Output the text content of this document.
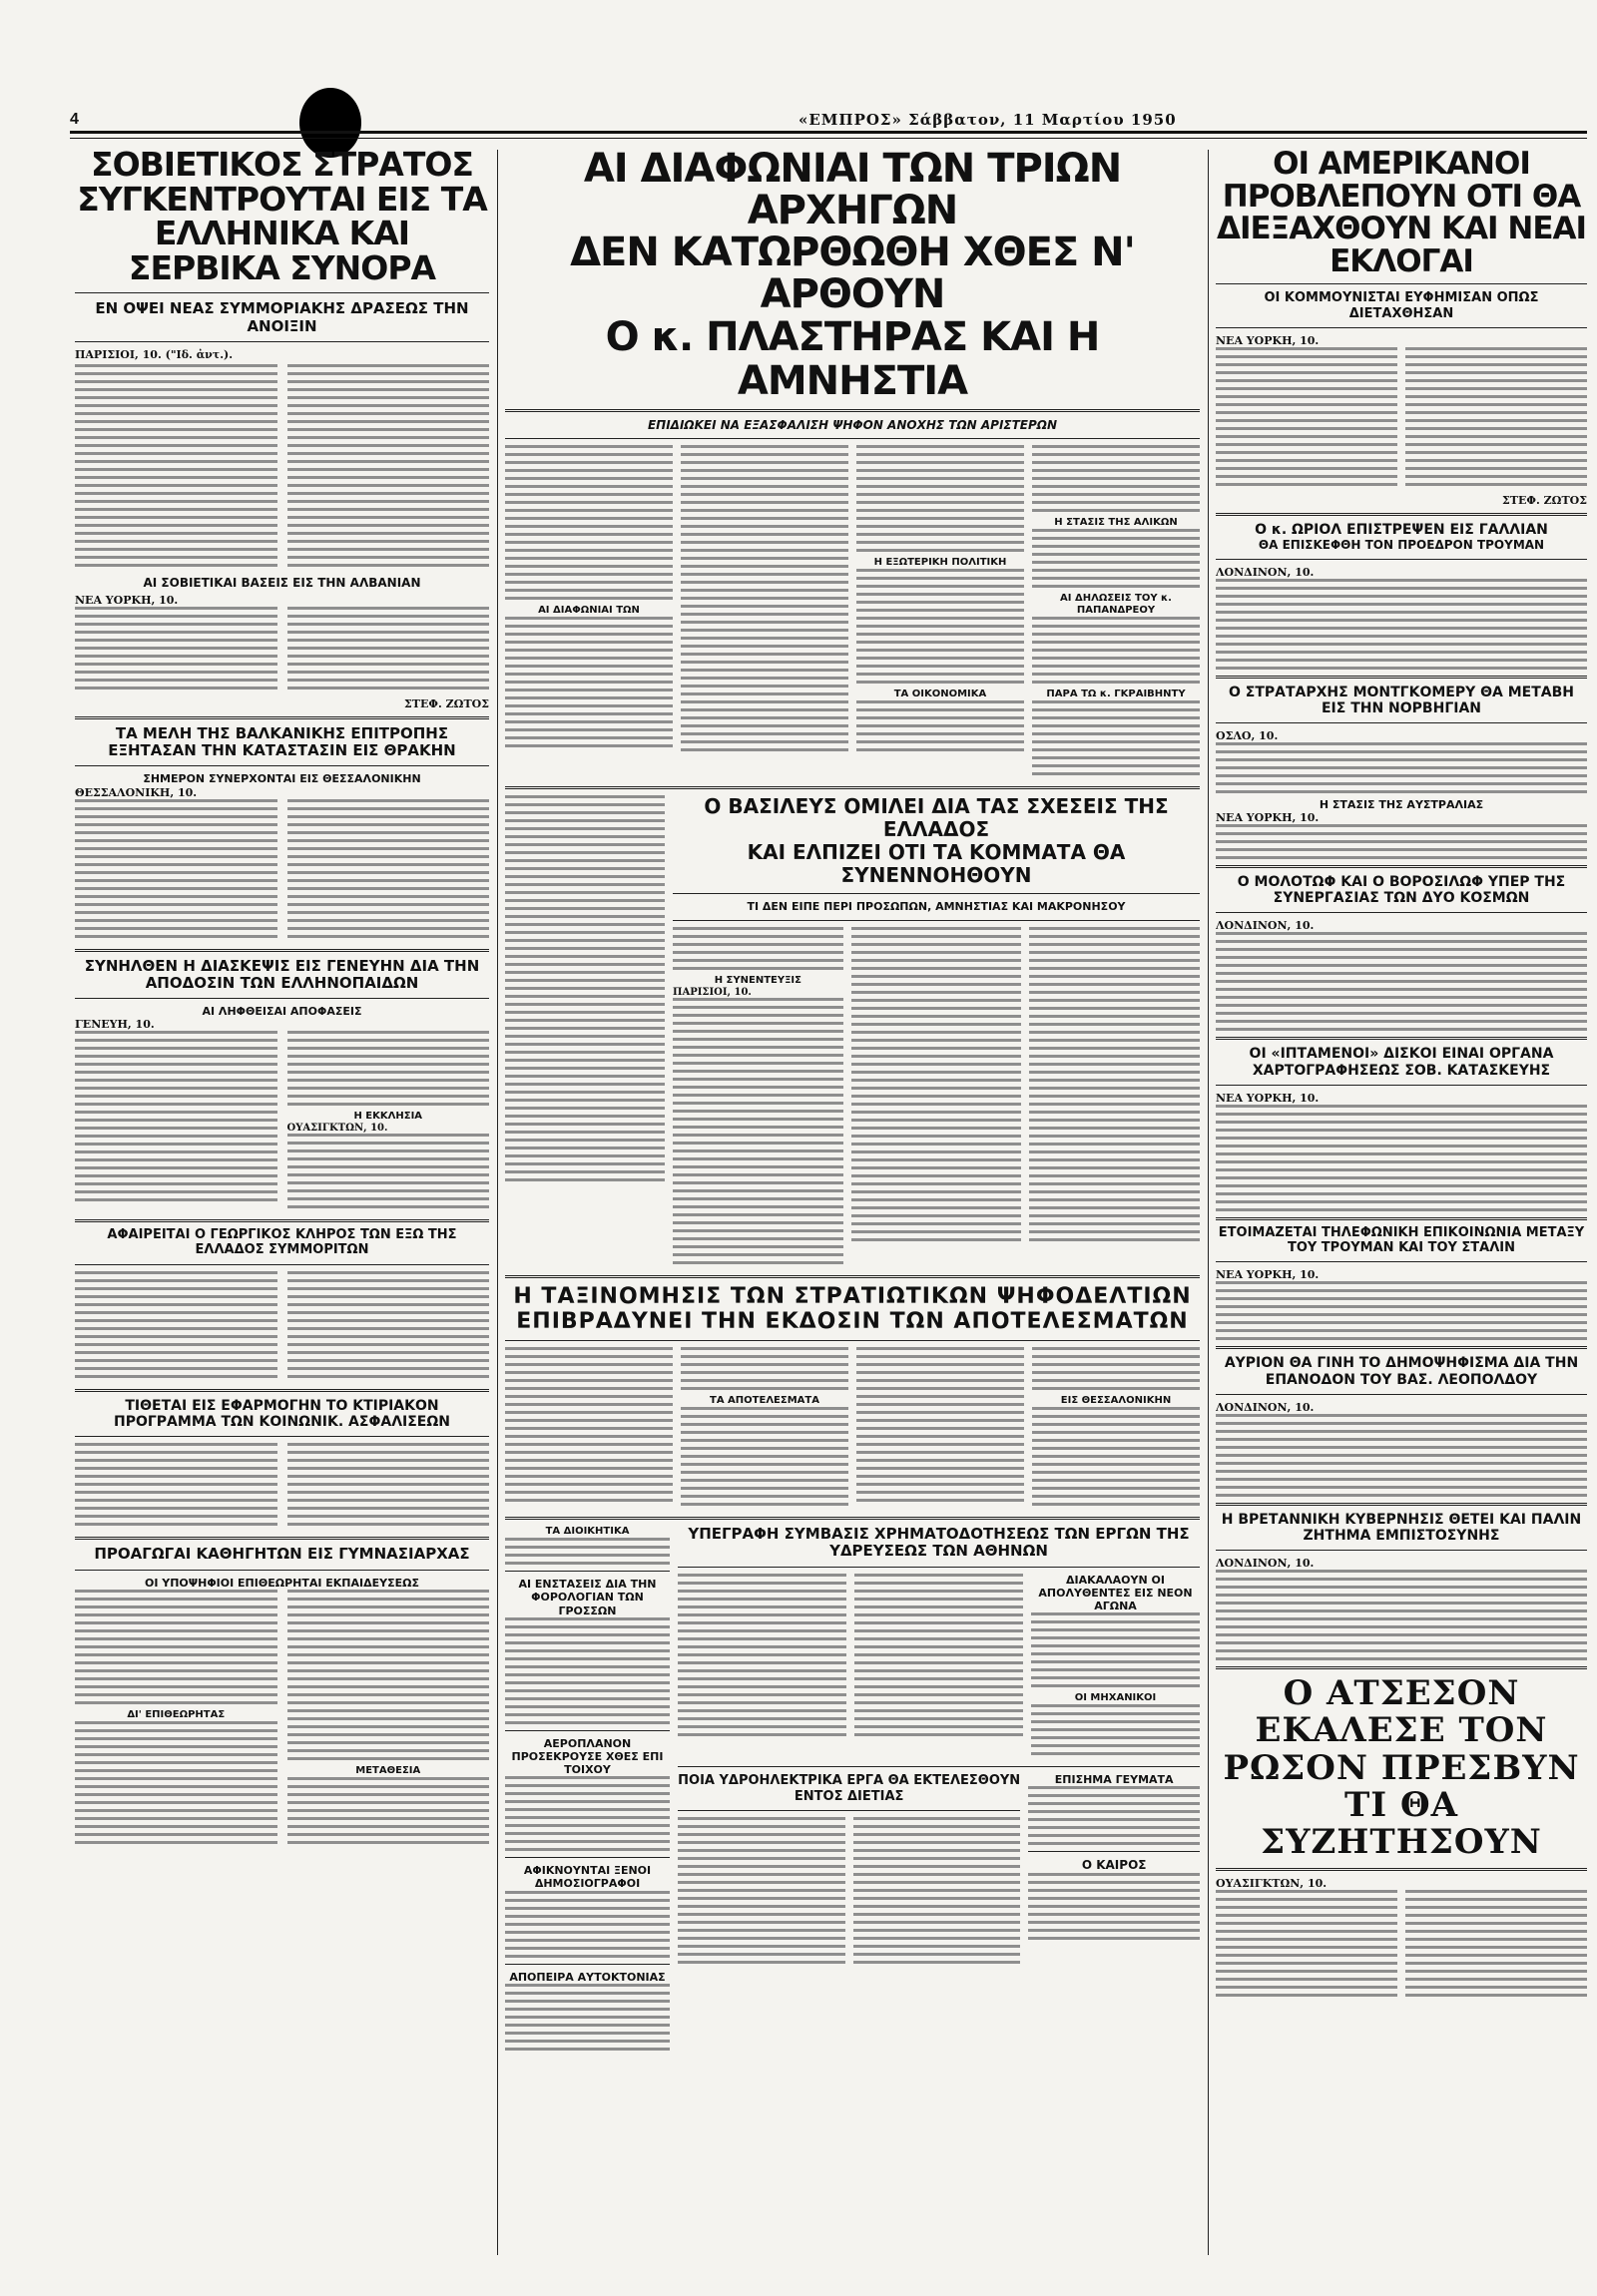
4	«ΕΜΠΡΟΣ» Σάββατον, 11 Μαρτίου 1950
ΣΟΒΙΕΤΙΚΟΣ ΣΤΡΑΤΟΣ ΣΥΓΚΕΝΤΡΟΥΤΑΙ ΕΙΣ ΤΑ ΕΛΛΗΝΙΚΑ ΚΑΙ ΣΕΡΒΙΚΑ ΣΥΝΟΡΑ
ΕΝ ΟΨΕΙ ΝΕΑΣ ΣΥΜΜΟΡΙΑΚΗΣ ΔΡΑΣΕΩΣ ΤΗΝ ΑΝΟΙΞΙΝ
ΠΑΡΙΣΙΟΙ, 10. ("Ιδ. ἀντ.).
ΑΙ ΣΟΒΙΕΤΙΚΑΙ ΒΑΣΕΙΣ ΕΙΣ ΤΗΝ ΑΛΒΑΝΙΑΝ
ΝΕΑ ΥΟΡΚΗ, 10.
ΣΤΕΦ. ΖΩΤΟΣ
ΤΑ ΜΕΛΗ ΤΗΣ ΒΑΛΚΑΝΙΚΗΣ ΕΠΙΤΡΟΠΗΣ ΕΞΗΤΑΣΑΝ ΤΗΝ ΚΑΤΑΣΤΑΣΙΝ ΕΙΣ ΘΡΑΚΗΝ
ΣΗΜΕΡΟΝ ΣΥΝΕΡΧΟΝΤΑΙ ΕΙΣ ΘΕΣΣΑΛΟΝΙΚΗΝ
ΘΕΣΣΑΛΟΝΙΚΗ, 10.
ΣΥΝΗΛΘΕΝ Η ΔΙΑΣΚΕΨΙΣ ΕΙΣ ΓΕΝΕΥΗΝ ΔΙΑ ΤΗΝ ΑΠΟΔΟΣΙΝ ΤΩΝ ΕΛΛΗΝΟΠΑΙΔΩΝ
ΑΙ ΛΗΦΘΕΙΣΑΙ ΑΠΟΦΑΣΕΙΣ
ΓΕΝΕΥΗ, 10.
Η ΕΚΚΛΗΣΙΑ
ΟΥΑΣΙΓΚΤΩΝ, 10.
ΑΦΑΙΡΕΙΤΑΙ Ο ΓΕΩΡΓΙΚΟΣ ΚΛΗΡΟΣ ΤΩΝ ΕΞΩ ΤΗΣ ΕΛΛΑΔΟΣ ΣΥΜΜΟΡΙΤΩΝ
ΤΙΘΕΤΑΙ ΕΙΣ ΕΦΑΡΜΟΓΗΝ ΤΟ ΚΤΙΡΙΑΚΟΝ ΠΡΟΓΡΑΜΜΑ ΤΩΝ ΚΟΙΝΩΝΙΚ. ΑΣΦΑΛΙΣΕΩΝ
ΠΡΟΑΓΩΓΑΙ ΚΑΘΗΓΗΤΩΝ ΕΙΣ ΓΥΜΝΑΣΙΑΡΧΑΣ
ΟΙ ΥΠΟΨΗΦΙΟΙ ΕΠΙΘΕΩΡΗΤΑΙ ΕΚΠΑΙΔΕΥΣΕΩΣ
ΔΙ' ΕΠΙΘΕΩΡΗΤΑΣ
ΜΕΤΑΘΕΣΙΑ
ΑΙ ΔΙΑΦΩΝΙΑΙ ΤΩΝ ΤΡΙΩΝ ΑΡΧΗΓΩΝ
ΔΕΝ ΚΑΤΩΡΘΩΘΗ ΧΘΕΣ Ν' ΑΡΘΟΥΝ
Ο κ. ΠΛΑΣΤΗΡΑΣ ΚΑΙ Η ΑΜΝΗΣΤΙΑ
ΕΠΙΔΙΩΚΕΙ ΝΑ ΕΞΑΣΦΑΛΙΣΗ ΨΗΦΟΝ ΑΝΟΧΗΣ ΤΩΝ ΑΡΙΣΤΕΡΩΝ
ΑΙ ΔΙΑΦΩΝΙΑΙ ΤΩΝ
Η ΕΞΩΤΕΡΙΚΗ ΠΟΛΙΤΙΚΗ
ΤΑ ΟΙΚΟΝΟΜΙΚΑ
Η ΣΤΑΣΙΣ ΤΗΣ ΑΛΙΚΩΝ
ΑΙ ΔΗΛΩΣΕΙΣ ΤΟΥ κ. ΠΑΠΑΝΔΡΕΟΥ
ΠΑΡΑ ΤΩ κ. ΓΚΡΑΙΒΗΝΤΥ
Ο ΒΑΣΙΛΕΥΣ ΟΜΙΛΕΙ ΔΙΑ ΤΑΣ ΣΧΕΣΕΙΣ ΤΗΣ ΕΛΛΑΔΟΣ
ΚΑΙ ΕΛΠΙΖΕΙ ΟΤΙ ΤΑ ΚΟΜΜΑΤΑ ΘΑ ΣΥΝΕΝΝΟΗΘΟΥΝ
ΤΙ ΔΕΝ ΕΙΠΕ ΠΕΡΙ ΠΡΟΣΩΠΩΝ, ΑΜΝΗΣΤΙΑΣ ΚΑΙ ΜΑΚΡΟΝΗΣΟΥ
Η ΣΥΝΕΝΤΕΥΞΙΣ
ΠΑΡΙΣΙΟΙ, 10.
Η ΤΑΞΙΝΟΜΗΣΙΣ ΤΩΝ ΣΤΡΑΤΙΩΤΙΚΩΝ ΨΗΦΟΔΕΛΤΙΩΝ
ΕΠΙΒΡΑΔΥΝΕΙ ΤΗΝ ΕΚΔΟΣΙΝ ΤΩΝ ΑΠΟΤΕΛΕΣΜΑΤΩΝ
ΤΑ ΑΠΟΤΕΛΕΣΜΑΤΑ	ΕΙΣ ΘΕΣΣΑΛΟΝΙΚΗΝ
ΤΑ ΔΙΟΙΚΗΤΙΚΑ
ΑΙ ΕΝΣΤΑΣΕΙΣ ΔΙΑ ΤΗΝ ΦΟΡΟΛΟΓΙΑΝ ΤΩΝ ΓΡΟΣΣΩΝ
ΑΕΡΟΠΛΑΝΟΝ ΠΡΟΣΕΚΡΟΥΣΕ ΧΘΕΣ ΕΠΙ ΤΟΙΧΟΥ
ΑΦΙΚΝΟΥΝΤΑΙ ΞΕΝΟΙ ΔΗΜΟΣΙΟΓΡΑΦΟΙ
ΑΠΟΠΕΙΡΑ ΑΥΤΟΚΤΟΝΙΑΣ
ΥΠΕΓΡΑΦΗ ΣΥΜΒΑΣΙΣ ΧΡΗΜΑΤΟΔΟΤΗΣΕΩΣ ΤΩΝ ΕΡΓΩΝ ΤΗΣ ΥΔΡΕΥΣΕΩΣ ΤΩΝ ΑΘΗΝΩΝ
ΔΙΑΚΑΛΑΟΥΝ ΟΙ ΑΠΟΛΥΘΕΝΤΕΣ ΕΙΣ ΝΕΟΝ ΑΓΩΝΑ
ΟΙ ΜΗΧΑΝΙΚΟΙ
ΠΟΙΑ ΥΔΡΟΗΛΕΚΤΡΙΚΑ ΕΡΓΑ ΘΑ ΕΚΤΕΛΕΣΘΟΥΝ ΕΝΤΟΣ ΔΙΕΤΙΑΣ
ΕΠΙΣΗΜΑ ΓΕΥΜΑΤΑ
Ο ΚΑΙΡΟΣ
ΟΙ ΑΜΕΡΙΚΑΝΟΙ ΠΡΟΒΛΕΠΟΥΝ ΟΤΙ ΘΑ ΔΙΕΞΑΧΘΟΥΝ ΚΑΙ ΝΕΑΙ ΕΚΛΟΓΑΙ
ΟΙ ΚΟΜΜΟΥΝΙΣΤΑΙ ΕΥΦΗΜΙΣΑΝ ΟΠΩΣ ΔΙΕΤΑΧΘΗΣΑΝ
ΝΕΑ ΥΟΡΚΗ, 10.
ΣΤΕΦ. ΖΩΤΟΣ
Ο κ. ΩΡΙΟΛ ΕΠΙΣΤΡΕΨΕΝ ΕΙΣ ΓΑΛΛΙΑΝ
ΘΑ ΕΠΙΣΚΕΦΘΗ ΤΟΝ ΠΡΟΕΔΡΟΝ ΤΡΟΥΜΑΝ
ΛΟΝΔΙΝΟΝ, 10.
Ο ΣΤΡΑΤΑΡΧΗΣ ΜΟΝΤΓΚΟΜΕΡΥ ΘΑ ΜΕΤΑΒΗ ΕΙΣ ΤΗΝ ΝΟΡΒΗΓΙΑΝ
ΟΣΛΟ, 10.
Η ΣΤΑΣΙΣ ΤΗΣ ΑΥΣΤΡΑΛΙΑΣ
ΝΕΑ ΥΟΡΚΗ, 10.
Ο ΜΟΛΟΤΩΦ ΚΑΙ Ο ΒΟΡΟΣΙΛΩΦ ΥΠΕΡ ΤΗΣ ΣΥΝΕΡΓΑΣΙΑΣ ΤΩΝ ΔΥΟ ΚΟΣΜΩΝ
ΛΟΝΔΙΝΟΝ, 10.
ΟΙ «ΙΠΤΑΜΕΝΟΙ» ΔΙΣΚΟΙ ΕΙΝΑΙ ΟΡΓΑΝΑ ΧΑΡΤΟΓΡΑΦΗΣΕΩΣ ΣΟΒ. ΚΑΤΑΣΚΕΥΗΣ
ΝΕΑ ΥΟΡΚΗ, 10.
ΕΤΟΙΜΑΖΕΤΑΙ ΤΗΛΕΦΩΝΙΚΗ ΕΠΙΚΟΙΝΩΝΙΑ ΜΕΤΑΞΥ ΤΟΥ ΤΡΟΥΜΑΝ ΚΑΙ ΤΟΥ ΣΤΑΛΙΝ
ΝΕΑ ΥΟΡΚΗ, 10.
ΑΥΡΙΟΝ ΘΑ ΓΙΝΗ ΤΟ ΔΗΜΟΨΗΦΙΣΜΑ ΔΙΑ ΤΗΝ ΕΠΑΝΟΔΟΝ ΤΟΥ ΒΑΣ. ΛΕΟΠΟΛΔΟΥ
ΛΟΝΔΙΝΟΝ, 10.
Η ΒΡΕΤΑΝΝΙΚΗ ΚΥΒΕΡΝΗΣΙΣ ΘΕΤΕΙ ΚΑΙ ΠΑΛΙΝ ΖΗΤΗΜΑ ΕΜΠΙΣΤΟΣΥΝΗΣ
ΛΟΝΔΙΝΟΝ, 10.
Ο ΑΤΣΕΣΟΝ ΕΚΑΛΕΣΕ ΤΟΝ ΡΩΣΟΝ ΠΡΕΣΒΥΝ ΤΙ ΘΑ ΣΥΖΗΤΗΣΟΥΝ
ΟΥΑΣΙΓΚΤΩΝ, 10.
